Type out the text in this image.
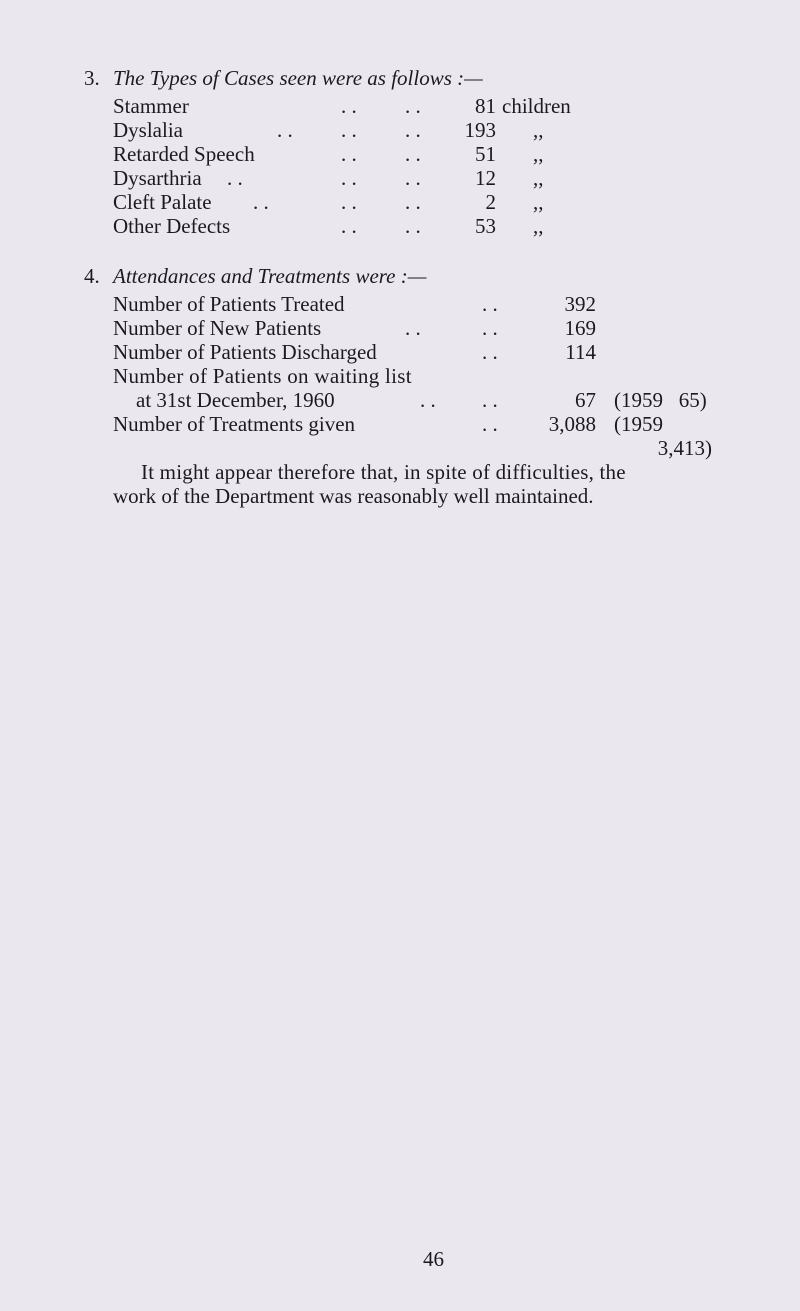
3. The Types of Cases seen were as follows :—
Stammer	. . . .	81 children
Dyslalia	. . . . . .	193 ,,
Retarded Speech	. . . .	51 ,,
Dysarthria . .	. . . .	12 ,,
Cleft Palate . .	. . . .	2 ,,
Other Defects	. . . .	53 ,,
4. Attendances and Treatments were :—
Number of Patients Treated	. .	392
Number of New Patients	. .	. .	169
Number of Patients Discharged	. .	114
Number of Patients on waiting list
at 31st December, 1960	. . . .	67 (1959   65)
Number of Treatments given	. .	3,088 (1959
3,413)
It might appear therefore that, in spite of difficulties, the
work of the Department was reasonably well maintained.
46
